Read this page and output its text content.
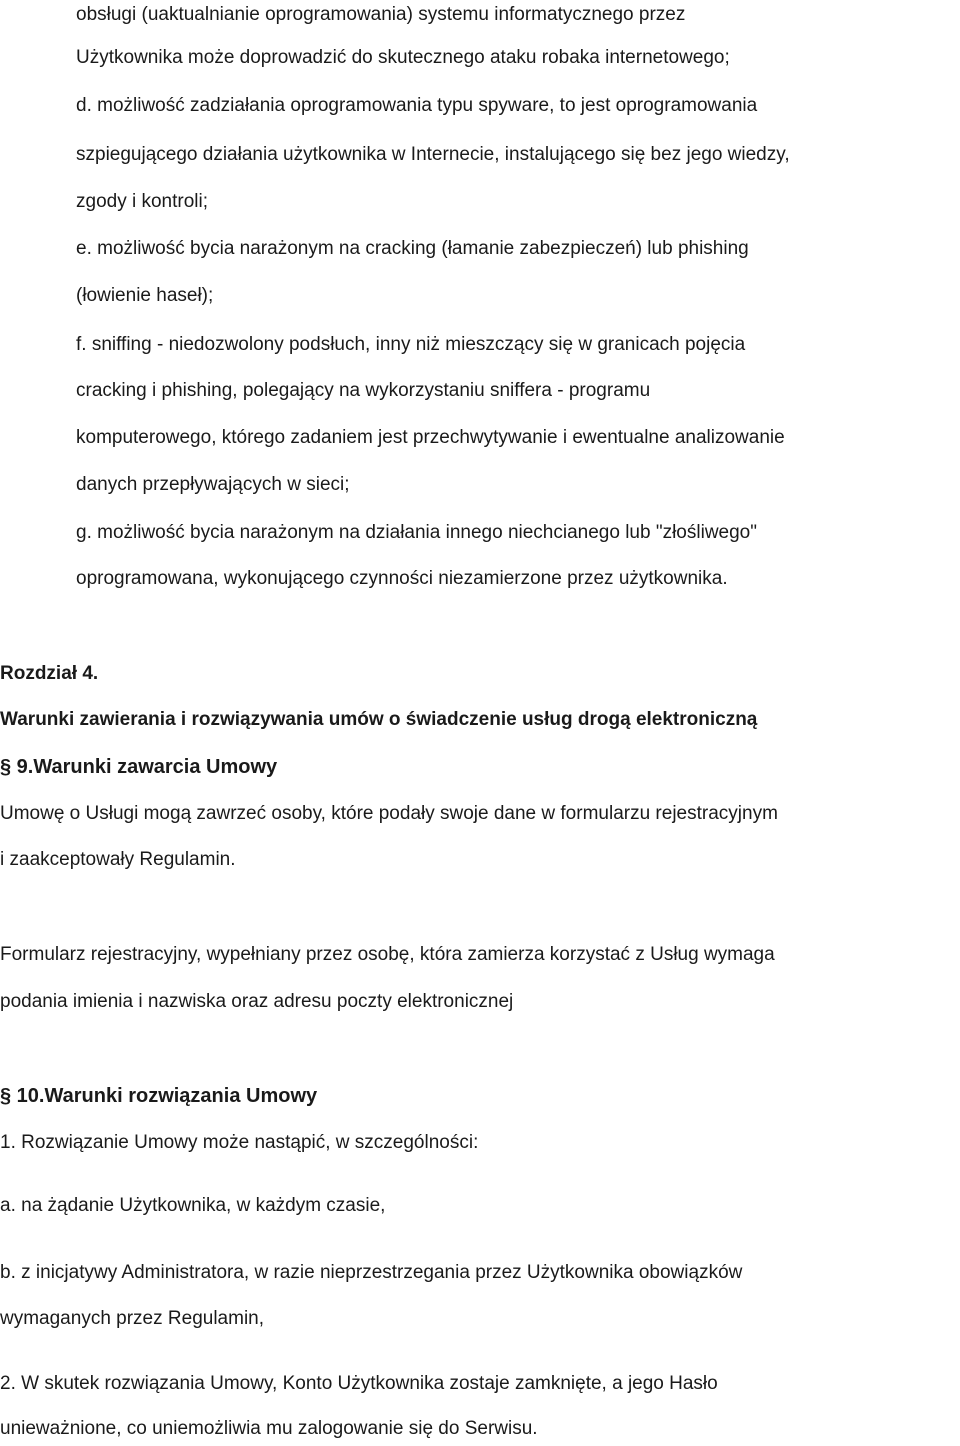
obsługi (uaktualnianie oprogramowania) systemu informatycznego przez

Użytkownika może doprowadzić do skutecznego ataku robaka internetowego;

d. możliwość zadziałania oprogramowania typu spyware, to jest oprogramowania

szpiegującego działania użytkownika w Internecie, instalującego się bez jego wiedzy,

zgody i kontroli;

e. możliwość bycia narażonym na cracking (łamanie zabezpieczeń) lub phishing

(łowienie haseł);

f. sniffing - niedozwolony podsłuch, inny niż mieszczący się w granicach pojęcia

cracking i phishing, polegający na wykorzystaniu sniffera - programu

komputerowego, którego zadaniem jest przechwytywanie i ewentualne analizowanie

danych przepływających w sieci;

g. możliwość bycia narażonym na działania innego niechcianego lub "złośliwego"

oprogramowana, wykonującego czynności niezamierzone przez użytkownika.

Rozdział 4.

Warunki zawierania i rozwiązywania umów o świadczenie usług drogą elektroniczną

§ 9.Warunki zawarcia Umowy

Umowę o Usługi mogą zawrzeć osoby, które podały swoje dane w formularzu rejestracyjnym

i zaakceptowały Regulamin.

Formularz rejestracyjny, wypełniany przez osobę, która zamierza korzystać z Usług wymaga

podania imienia i nazwiska oraz adresu poczty elektronicznej

§ 10.Warunki rozwiązania Umowy

1. Rozwiązanie Umowy może nastąpić, w szczególności:

a. na żądanie Użytkownika, w każdym czasie,

b. z inicjatywy Administratora, w razie nieprzestrzegania przez Użytkownika obowiązków

wymaganych przez Regulamin,

2. W skutek rozwiązania Umowy, Konto Użytkownika zostaje zamknięte, a jego Hasło

unieważnione, co uniemożliwia mu zalogowanie się do Serwisu.
